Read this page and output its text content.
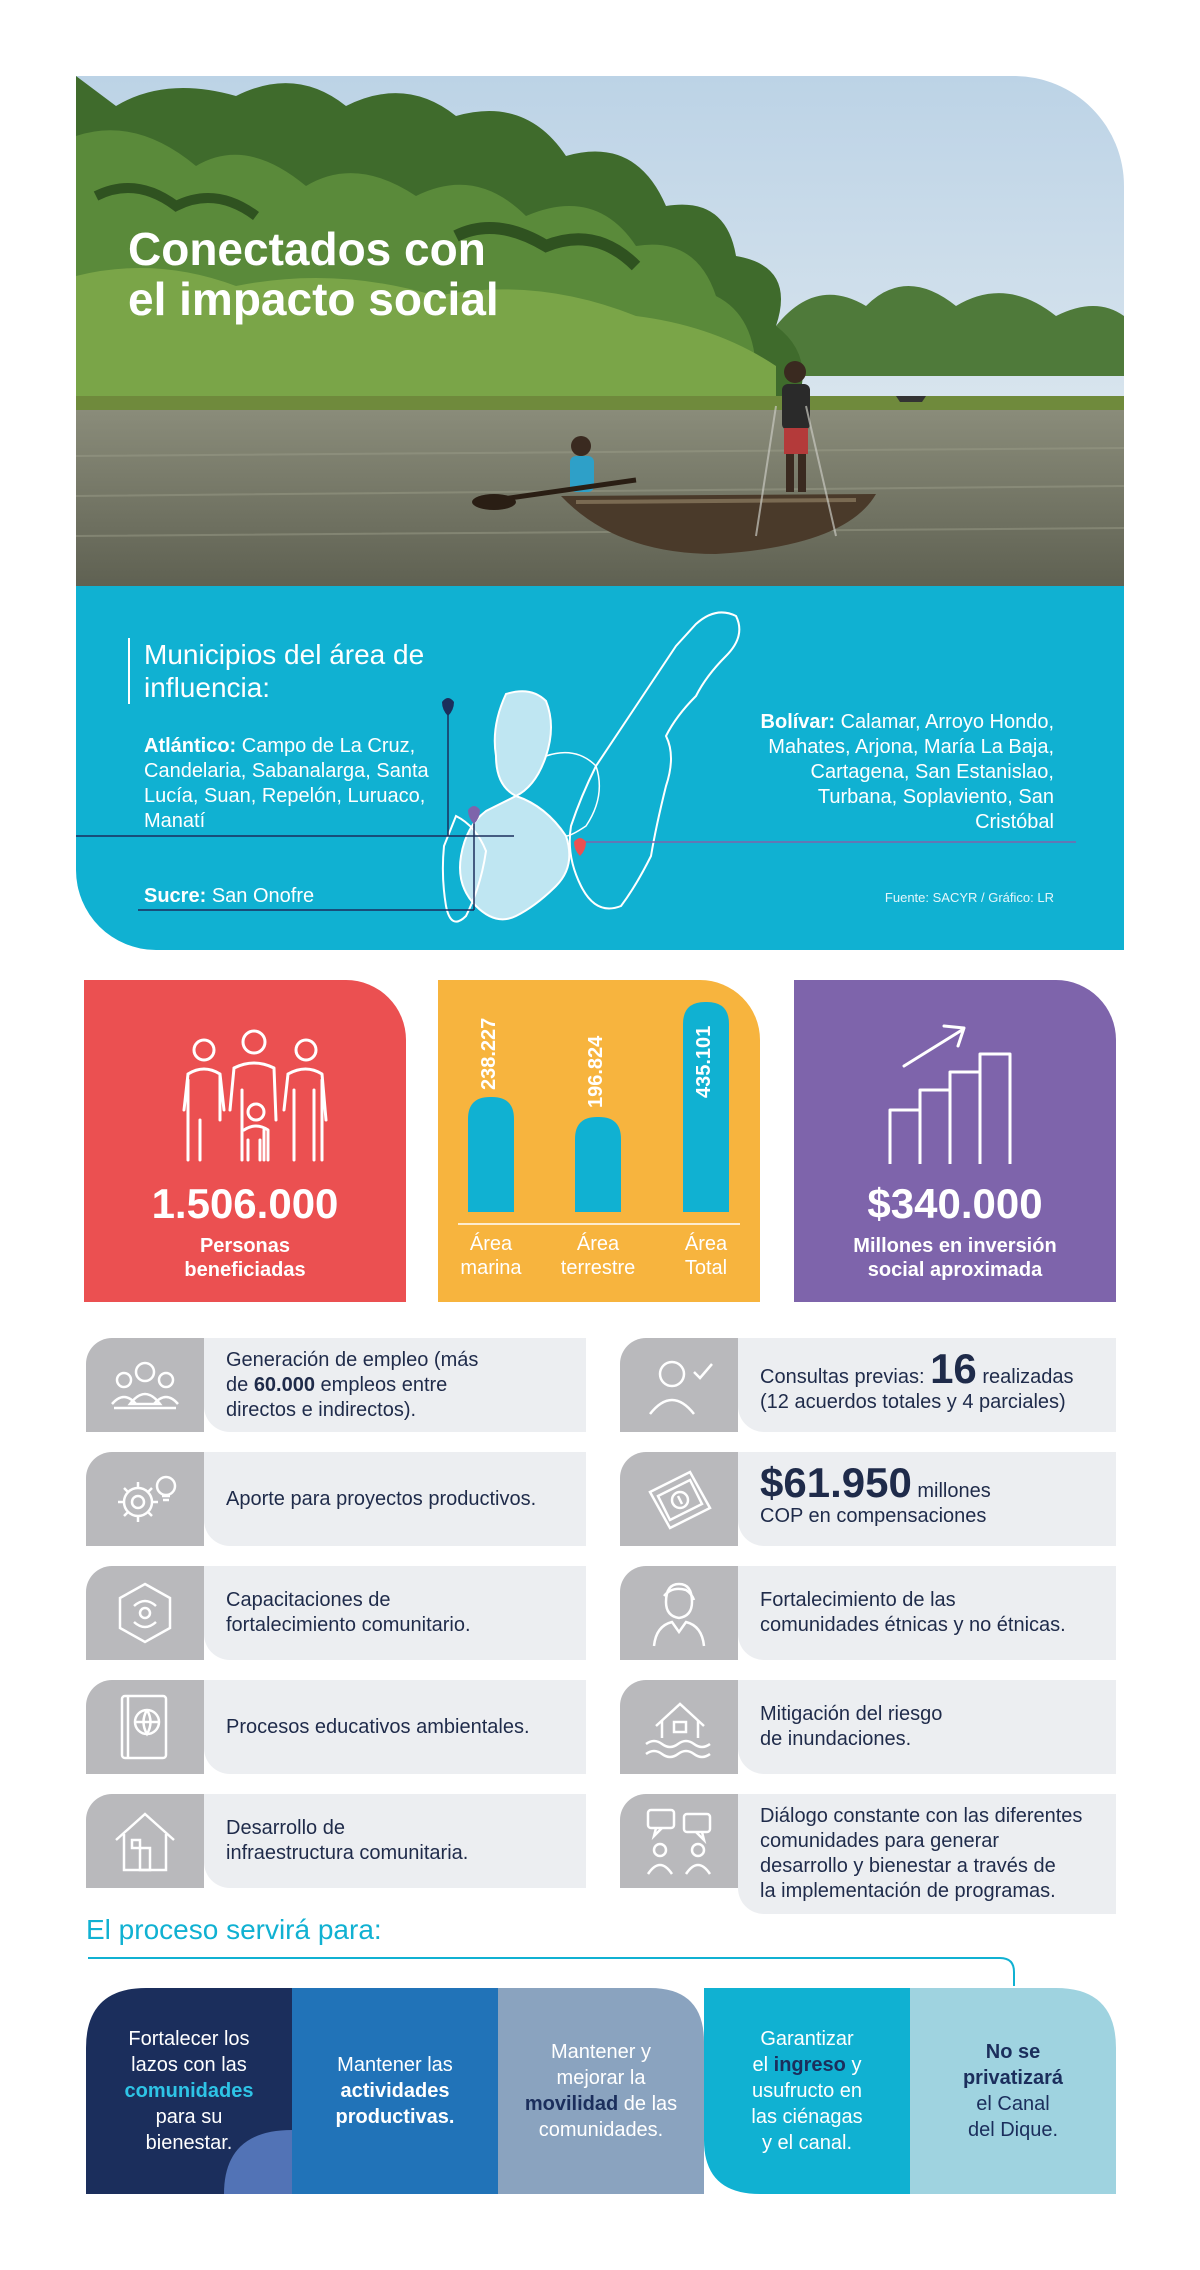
Conectados con el impacto social
Municipios del área de influencia:
Atlántico: Campo de La Cruz, Candelaria, Sabanalarga, Santa Lucía, Suan, Repelón, Luruaco, Manatí
Bolívar: Calamar, Arroyo Hondo, Mahates, Arjona, María La Baja, Cartagena, San Estanislao, Turbana, Soplaviento, San Cristóbal
Sucre: San Onofre	Fuente: SACYR / Gráfico: LR
1.506.000
Personas
beneficiadas
238.227	196.824	435.101
Área
marina
Área
terrestre
Área
Total
$340.000
Millones en inversión
social aproximada
Generación de empleo (más
de 60.000 empleos entre
directos e indirectos).
Aporte para proyectos productivos.
Capacitaciones de
fortalecimiento comunitario.
Procesos educativos ambientales.
Desarrollo de
infraestructura comunitaria.
Consultas previas: 16 realizadas
(12 acuerdos totales y 4 parciales)
$61.950 millones
COP en compensaciones
Fortalecimiento de las
comunidades étnicas y no étnicas.
Mitigación del riesgo
de inundaciones.
Diálogo constante con las diferentes
comunidades para generar
desarrollo y bienestar a través de
la implementación de programas.
El proceso servirá para:
Fortalecer los
lazos con las
comunidades
para su
bienestar.
Mantener las
actividades
productivas.
Mantener y
mejorar la
movilidad de las
comunidades.
Garantizar
el ingreso y
usufructo en
las ciénagas
y el canal.
No se
privatizará
el Canal
del Dique.
